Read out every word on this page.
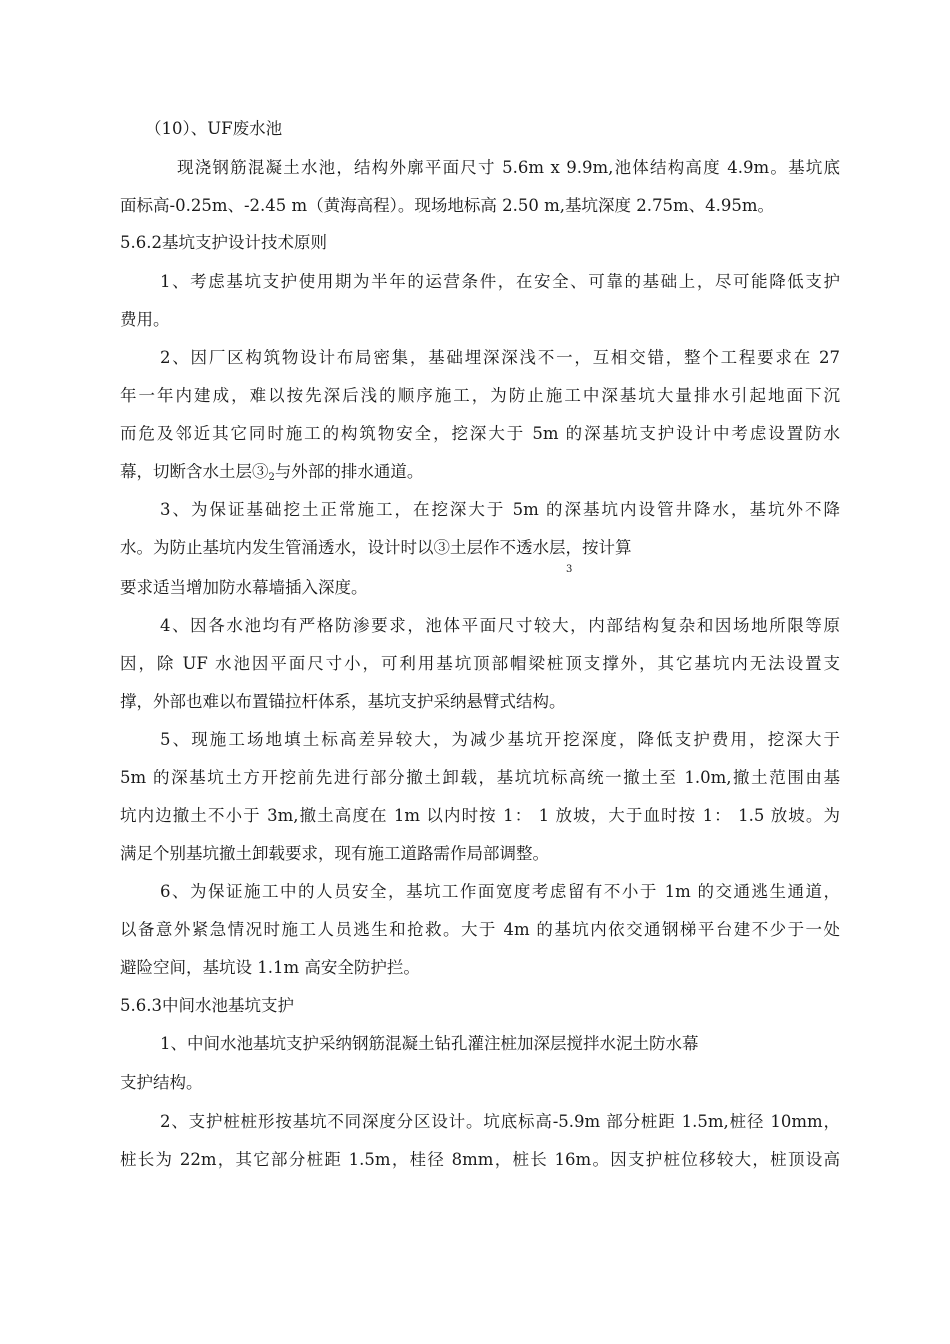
（10）、UF废水池
现浇钢筋混凝土水池，结构外廓平面尺寸 5.6m x 9.9m,池体结构高度 4.9m。基坑底
面标高-0.25m、-2.45 m（黄海高程）。现场地标高 2.50 m,基坑深度 2.75m、4.95m。
5.6.2基坑支护设计技术原则
1、考虑基坑支护使用期为半年的运营条件，在安全、可靠的基础上，尽可能降低支护
费用。
2、因厂区构筑物设计布局密集，基础埋深深浅不一，互相交错，整个工程要求在 27
年一年内建成，难以按先深后浅的顺序施工，为防止施工中深基坑大量排水引起地面下沉
而危及邻近其它同时施工的构筑物安全，挖深大于 5m 的深基坑支护设计中考虑设置防水
幕，切断含水土层$③_2$与外部的排水通道。
3、为保证基础挖土正常施工，在挖深大于 5m 的深基坑内设管井降水，基坑外不降
水。为防止基坑内发生管涌透水，设计时以③土层作不透水层，按计算
3
要求适当增加防水幕墙插入深度。
4、因各水池均有严格防渗要求，池体平面尺寸较大，内部结构复杂和因场地所限等原
因，除 UF 水池因平面尺寸小，可利用基坑顶部帽梁桩顶支撑外，其它基坑内无法设置支
撑，外部也难以布置锚拉杆体系，基坑支护采纳悬臂式结构。
5、现施工场地填土标高差异较大，为减少基坑开挖深度，降低支护费用，挖深大于
5m 的深基坑土方开挖前先进行部分撤土卸载，基坑坑标高统一撤土至 1.0m,撤土范围由基
坑内边撤土不小于 3m,撤土高度在 1m 以内时按 1： 1 放坡，大于血时按 1： 1.5 放坡。为
满足个别基坑撤土卸载要求，现有施工道路需作局部调整。
6、为保证施工中的人员安全，基坑工作面宽度考虑留有不小于 1m 的交通逃生通道，
以备意外紧急情况时施工人员逃生和抢救。大于 4m 的基坑内依交通钢梯平台建不少于一处
避险空间，基坑设 1.1m 高安全防护拦。
5.6.3中间水池基坑支护
1、中间水池基坑支护采纳钢筋混凝土钻孔灌注桩加深层搅拌水泥土防水幕
支护结构。
2、支护桩桩形按基坑不同深度分区设计。坑底标高-5.9m 部分桩距 1.5m,桩径 10mm，
桩长为 22m，其它部分桩距 1.5m，桂径 8mm，桩长 16m。因支护桩位移较大，桩顶设高
